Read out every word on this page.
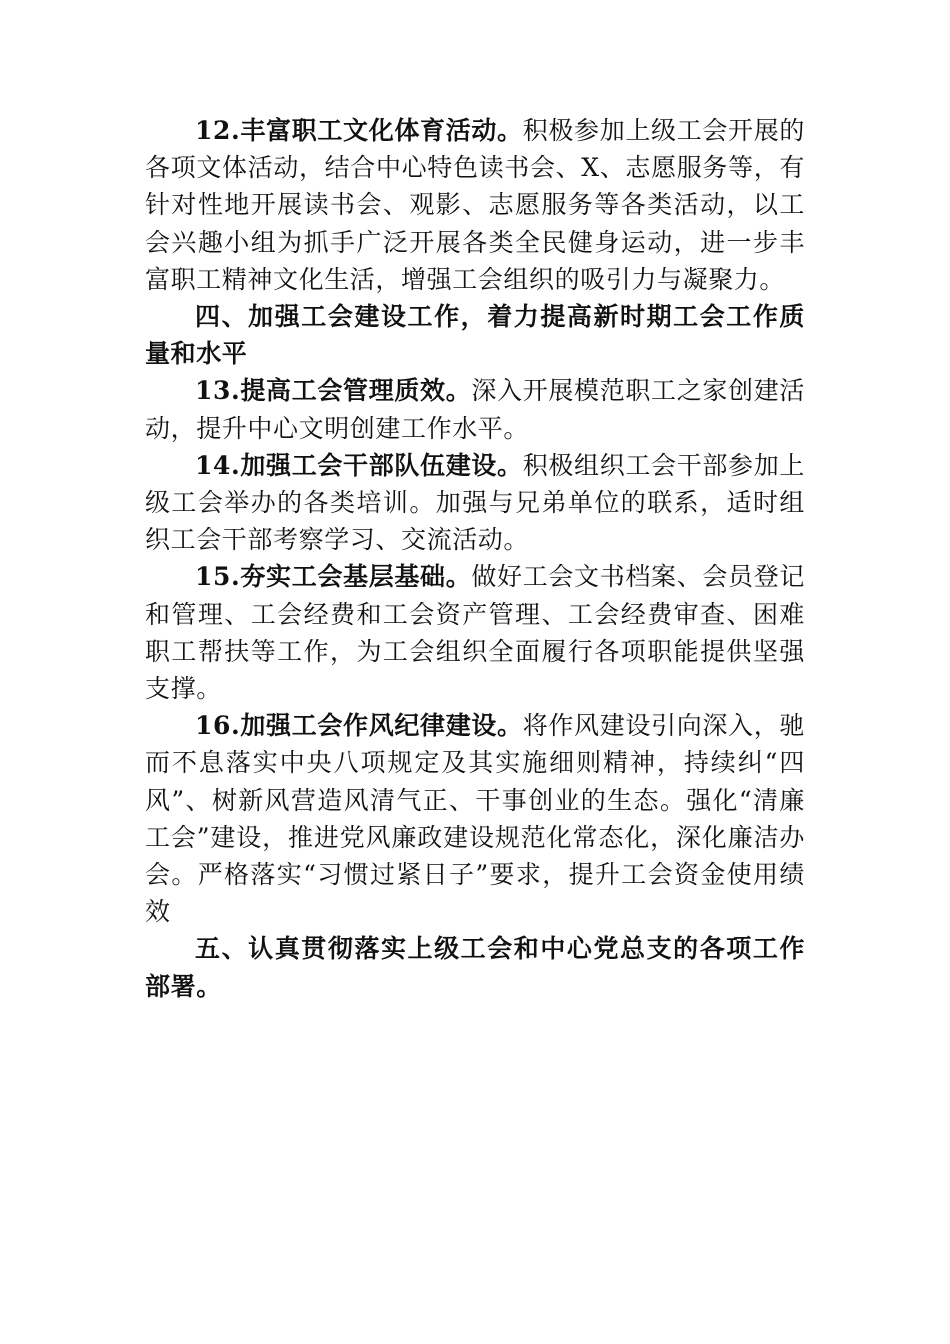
12.丰富职工文化体育活动。积极参加上级工会开展的各项文体活动，结合中心特色读书会、X、志愿服务等，有针对性地开展读书会、观影、志愿服务等各类活动，以工会兴趣小组为抓手广泛开展各类全民健身运动，进一步丰富职工精神文化生活，增强工会组织的吸引力与凝聚力。

四、加强工会建设工作，着力提高新时期工会工作质量和水平

13.提高工会管理质效。深入开展模范职工之家创建活动，提升中心文明创建工作水平。

14.加强工会干部队伍建设。积极组织工会干部参加上级工会举办的各类培训。加强与兄弟单位的联系，适时组织工会干部考察学习、交流活动。

15.夯实工会基层基础。做好工会文书档案、会员登记和管理、工会经费和工会资产管理、工会经费审查、困难职工帮扶等工作，为工会组织全面履行各项职能提供坚强支撑。

16.加强工会作风纪律建设。将作风建设引向深入，驰而不息落实中央八项规定及其实施细则精神，持续纠“四风”、树新风营造风清气正、干事创业的生态。强化“清廉工会”建设，推进党风廉政建设规范化常态化，深化廉洁办会。严格落实“习惯过紧日子”要求，提升工会资金使用绩效

五、认真贯彻落实上级工会和中心党总支的各项工作部署。
